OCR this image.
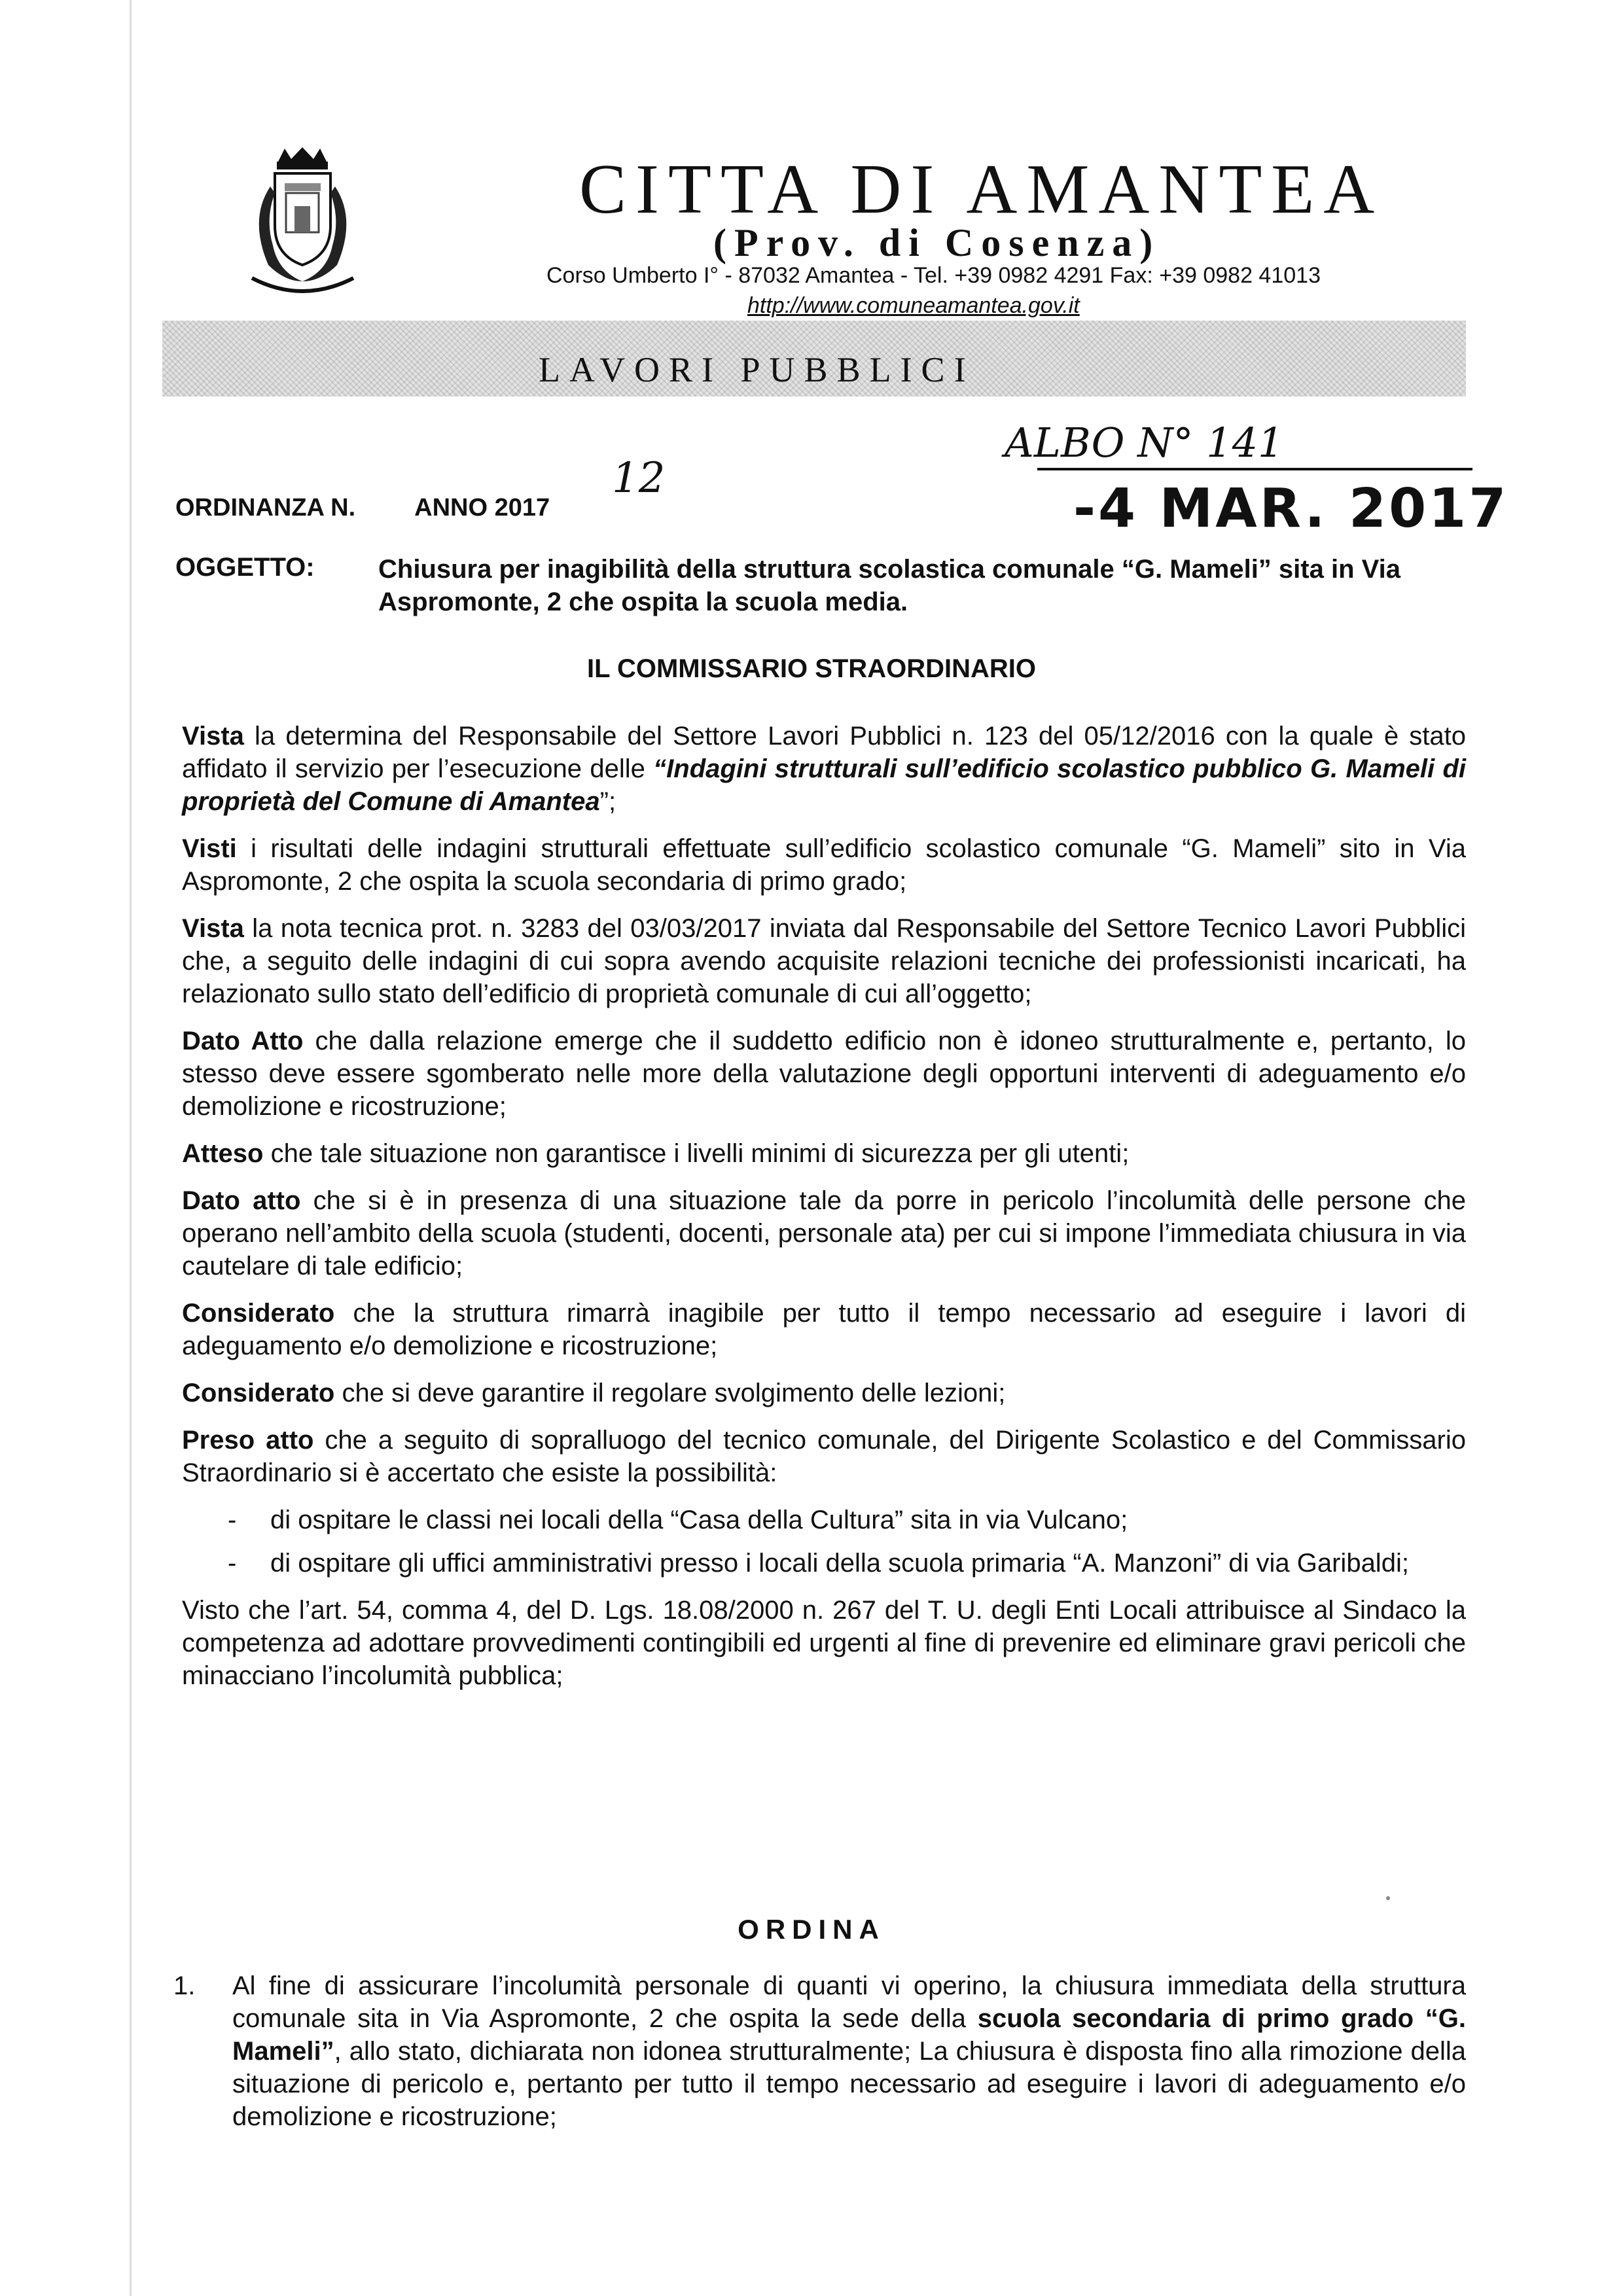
CITTA DI AMANTEA
(Prov. di Cosenza)
Corso Umberto I° - 87032 Amantea - Tel. +39 0982 4291 Fax: +39 0982 41013
http://www.comuneamantea.gov.it
LAVORI PUBBLICI
ALBO N° 141
-4 MAR. 2017
ORDINANZA N. ANNO 2017
12
OGGETTO: Chiusura per inagibilità della struttura scolastica comunale “G. Mameli” sita in Via Aspromonte, 2 che ospita la scuola media.
IL COMMISSARIO STRAORDINARIO

Vista la determina del Responsabile del Settore Lavori Pubblici n. 123 del 05/12/2016 con la quale è stato affidato il servizio per l’esecuzione delle “Indagini strutturali sull’edificio scolastico pubblico G. Mameli di proprietà del Comune di Amantea”;

Visti i risultati delle indagini strutturali effettuate sull’edificio scolastico comunale “G. Mameli” sito in Via Aspromonte, 2 che ospita la scuola secondaria di primo grado;

Vista la nota tecnica prot. n. 3283 del 03/03/2017 inviata dal Responsabile del Settore Tecnico Lavori Pubblici che, a seguito delle indagini di cui sopra avendo acquisite relazioni tecniche dei professionisti incaricati, ha relazionato sullo stato dell’edificio di proprietà comunale di cui all’oggetto;

Dato Atto che dalla relazione emerge che il suddetto edificio non è idoneo strutturalmente e, pertanto, lo stesso deve essere sgomberato nelle more della valutazione degli opportuni interventi di adeguamento e/o demolizione e ricostruzione;

Atteso che tale situazione non garantisce i livelli minimi di sicurezza per gli utenti;

Dato atto che si è in presenza di una situazione tale da porre in pericolo l’incolumità delle persone che operano nell’ambito della scuola (studenti, docenti, personale ata) per cui si impone l’immediata chiusura in via cautelare di tale edificio;

Considerato che la struttura rimarrà inagibile per tutto il tempo necessario ad eseguire i lavori di adeguamento e/o demolizione e ricostruzione;

Considerato che si deve garantire il regolare svolgimento delle lezioni;

Preso atto che a seguito di sopralluogo del tecnico comunale, del Dirigente Scolastico e del Commissario Straordinario si è accertato che esiste la possibilità:

- di ospitare le classi nei locali della “Casa della Cultura” sita in via Vulcano;
- di ospitare gli uffici amministrativi presso i locali della scuola primaria “A. Manzoni” di via Garibaldi;

Visto che l’art. 54, comma 4, del D. Lgs. 18.08/2000 n. 267 del T. U. degli Enti Locali attribuisce al Sindaco la competenza ad adottare provvedimenti contingibili ed urgenti al fine di prevenire ed eliminare gravi pericoli che minacciano l’incolumità pubblica;

ORDINA
1. Al fine di assicurare l’incolumità personale di quanti vi operino, la chiusura immediata della struttura comunale sita in Via Aspromonte, 2 che ospita la sede della scuola secondaria di primo grado “G. Mameli”, allo stato, dichiarata non idonea strutturalmente; La chiusura è disposta fino alla rimozione della situazione di pericolo e, pertanto per tutto il tempo necessario ad eseguire i lavori di adeguamento e/o demolizione e ricostruzione;
